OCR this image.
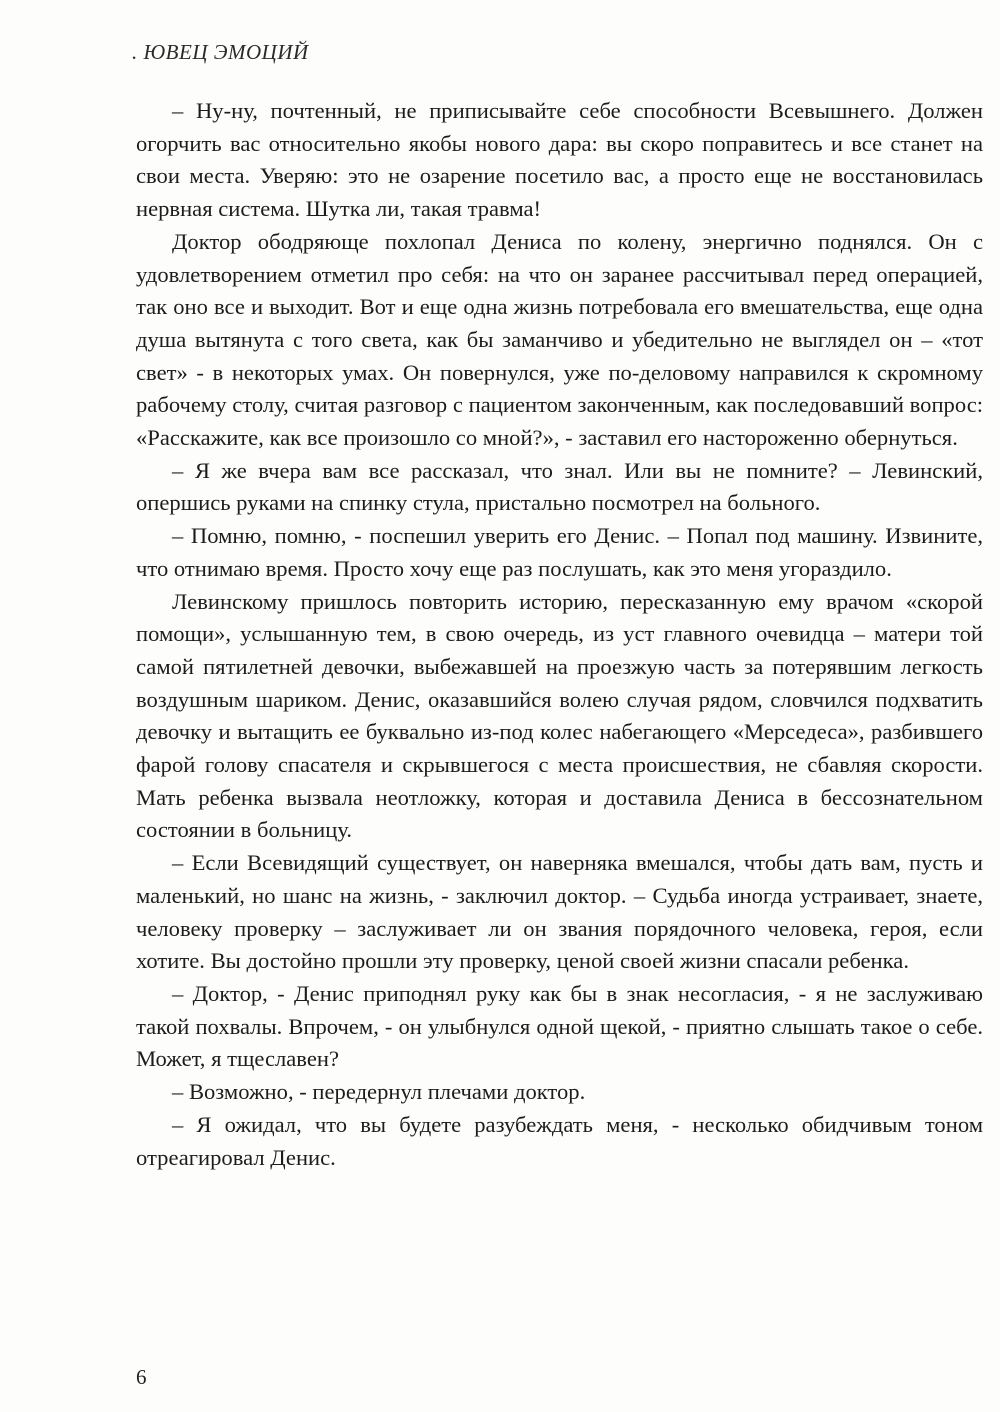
. ЮВЕЦ ЭМОЦИЙ

– Ну-ну, почтенный, не приписывайте себе способности Всевышнего. Должен огорчить вас относительно якобы нового дара: вы скоро поправитесь и все станет на свои места. Уверяю: это не озарение посетило вас, а просто еще не восстановилась нервная система. Шутка ли, такая травма!

Доктор ободряюще похлопал Дениса по колену, энергично поднялся. Он с удовлетворением отметил про себя: на что он заранее рассчитывал перед операцией, так оно все и выходит. Вот и еще одна жизнь потребовала его вмешательства, еще одна душа вытянута с того света, как бы заманчиво и убедительно не выглядел он – «тот свет» - в некоторых умах. Он повернулся, уже по-деловому направился к скромному рабочему столу, считая разговор с пациентом законченным, как последовавший вопрос: «Расскажите, как все произошло со мной?», - заставил его настороженно обернуться.

– Я же вчера вам все рассказал, что знал. Или вы не помните? – Левинский, опершись руками на спинку стула, пристально посмотрел на больного.

– Помню, помню, - поспешил уверить его Денис. – Попал под машину. Извините, что отнимаю время. Просто хочу еще раз послушать, как это меня угораздило.

Левинскому пришлось повторить историю, пересказанную ему врачом «скорой помощи», услышанную тем, в свою очередь, из уст главного очевидца – матери той самой пятилетней девочки, выбежавшей на проезжую часть за потерявшим легкость воздушным шариком. Денис, оказавшийся волею случая рядом, словчился подхватить девочку и вытащить ее буквально из-под колес набегающего «Мерседеса», разбившего фарой голову спасателя и скрывшегося с места происшествия, не сбавляя скорости. Мать ребенка вызвала неотложку, которая и доставила Дениса в бессознательном состоянии в больницу.

– Если Всевидящий существует, он наверняка вмешался, чтобы дать вам, пусть и маленький, но шанс на жизнь, - заключил доктор. – Судьба иногда устраивает, знаете, человеку проверку – заслуживает ли он звания порядочного человека, героя, если хотите. Вы достойно прошли эту проверку, ценой своей жизни спасали ребенка.

– Доктор, - Денис приподнял руку как бы в знак несогласия, - я не заслуживаю такой похвалы. Впрочем, - он улыбнулся одной щекой, - приятно слышать такое о себе. Может, я тщеславен?

– Возможно, - передернул плечами доктор.

– Я ожидал, что вы будете разубеждать меня, - несколько обидчивым тоном отреагировал Денис.

6
